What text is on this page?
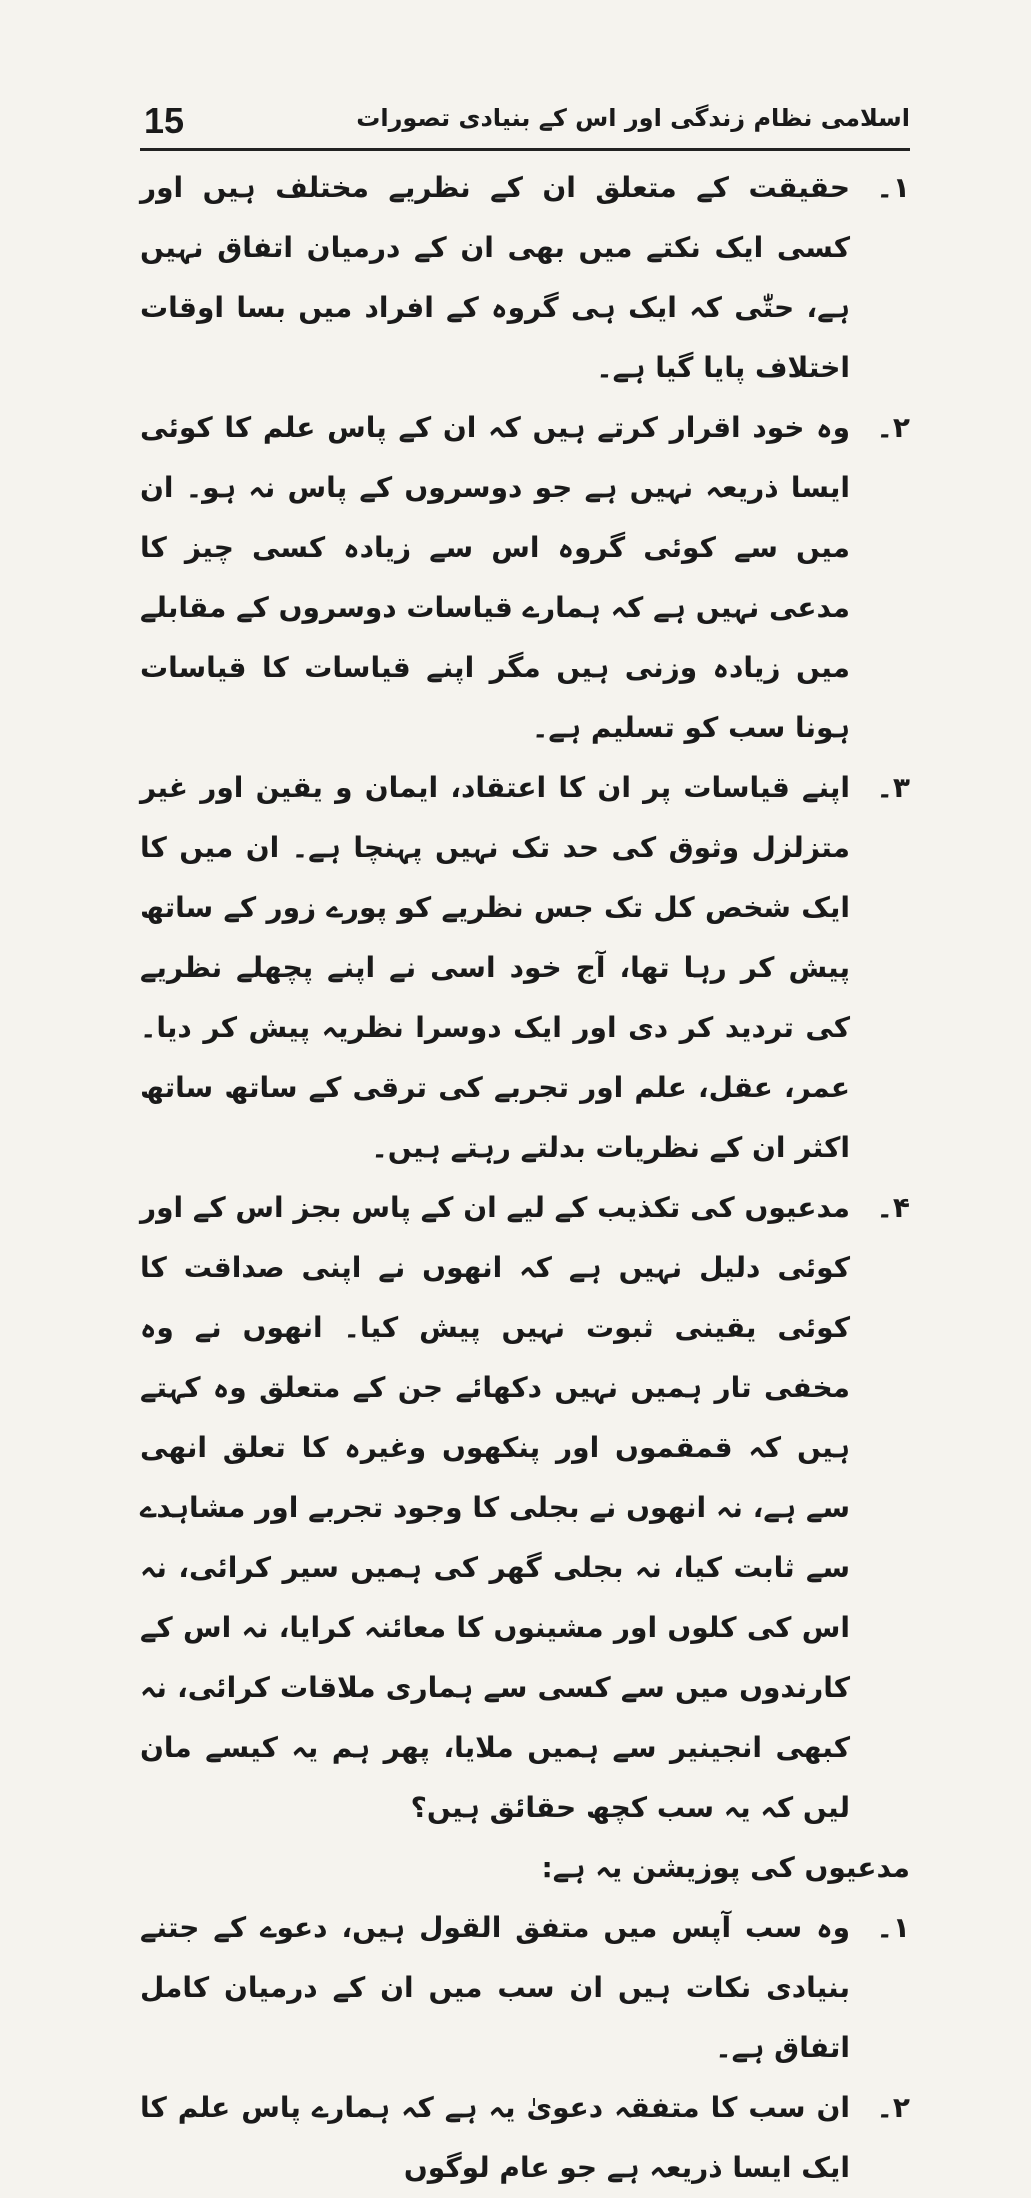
15	اسلامی نظام زندگی اور اس کے بنیادی تصورات
۱۔

حقیقت کے متعلق ان کے نظریے مختلف ہیں اور کسی ایک نکتے میں بھی ان کے درمیان اتفاق نہیں ہے، حتّٰی کہ ایک ہی گروہ کے افراد میں بسا اوقات اختلاف پایا گیا ہے۔

۲۔

وہ خود اقرار کرتے ہیں کہ ان کے پاس علم کا کوئی ایسا ذریعہ نہیں ہے جو دوسروں کے پاس نہ ہو۔ ان میں سے کوئی گروہ اس سے زیادہ کسی چیز کا مدعی نہیں ہے کہ ہمارے قیاسات دوسروں کے مقابلے میں زیادہ وزنی ہیں مگر اپنے قیاسات کا قیاسات ہونا سب کو تسلیم ہے۔

۳۔

اپنے قیاسات پر ان کا اعتقاد، ایمان و یقین اور غیر متزلزل وثوق کی حد تک نہیں پہنچا ہے۔ ان میں کا ایک شخص کل تک جس نظریے کو پورے زور کے ساتھ پیش کر رہا تھا، آج خود اسی نے اپنے پچھلے نظریے کی تردید کر دی اور ایک دوسرا نظریہ پیش کر دیا۔ عمر، عقل، علم اور تجربے کی ترقی کے ساتھ ساتھ اکثر ان کے نظریات بدلتے رہتے ہیں۔

۴۔

مدعیوں کی تکذیب کے لیے ان کے پاس بجز اس کے اور کوئی دلیل نہیں ہے کہ انھوں نے اپنی صداقت کا کوئی یقینی ثبوت نہیں پیش کیا۔ انھوں نے وہ مخفی تار ہمیں نہیں دکھائے جن کے متعلق وہ کہتے ہیں کہ قمقموں اور پنکھوں وغیرہ کا تعلق انھی سے ہے، نہ انھوں نے بجلی کا وجود تجربے اور مشاہدے سے ثابت کیا، نہ بجلی گھر کی ہمیں سیر کرائی، نہ اس کی کلوں اور مشینوں کا معائنہ کرایا، نہ اس کے کارندوں میں سے کسی سے ہماری ملاقات کرائی، نہ کبھی انجینیر سے ہمیں ملایا، پھر ہم یہ کیسے مان لیں کہ یہ سب کچھ حقائق ہیں؟

مدعیوں کی پوزیشن یہ ہے:

۱۔

وہ سب آپس میں متفق القول ہیں، دعوے کے جتنے بنیادی نکات ہیں ان سب میں ان کے درمیان کامل اتفاق ہے۔

۲۔

ان سب کا متفقہ دعویٰ یہ ہے کہ ہمارے پاس علم کا ایک ایسا ذریعہ ہے جو عام لوگوں
